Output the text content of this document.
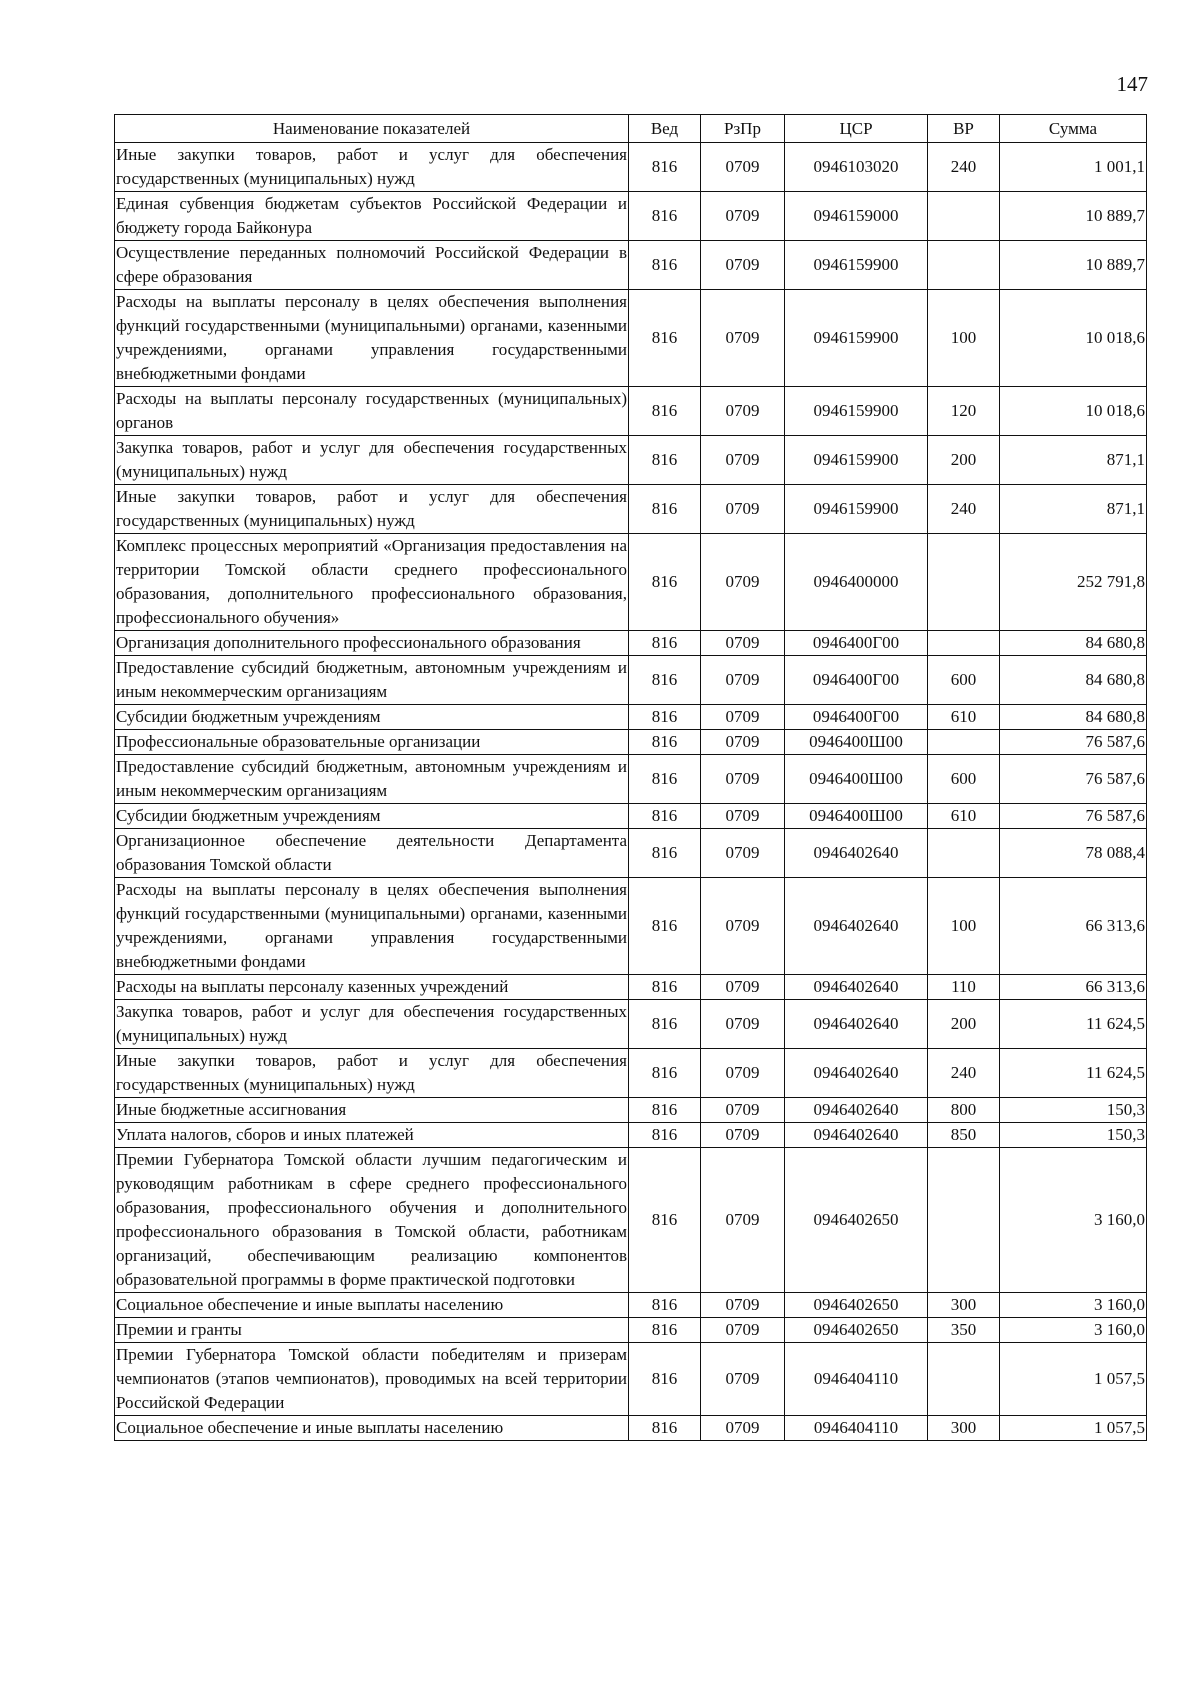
147
Наименование показателей	Вед	РзПр	ЦСР	ВР	Сумма
Иные закупки товаров, работ и услуг для обеспечения государственных (муниципальных) нужд	816	0709	0946103020	240	1 001,1
Единая субвенция бюджетам субъектов Российской Федерации и бюджету города Байконура	816	0709	0946159000		10 889,7
Осуществление переданных полномочий Российской Федерации в сфере образования	816	0709	0946159900		10 889,7
Расходы на выплаты персоналу в целях обеспечения выполнения функций государственными (муниципальными) органами, казенными учреждениями, органами управления государственными внебюджетными фондами	816	0709	0946159900	100	10 018,6
Расходы на выплаты персоналу государственных (муниципальных) органов	816	0709	0946159900	120	10 018,6
Закупка товаров, работ и услуг для обеспечения государственных (муниципальных) нужд	816	0709	0946159900	200	871,1
Иные закупки товаров, работ и услуг для обеспечения государственных (муниципальных) нужд	816	0709	0946159900	240	871,1
Комплекс процессных мероприятий «Организация предоставления на территории Томской области среднего профессионального образования, дополнительного профессионального образования, профессионального обучения»	816	0709	0946400000		252 791,8
Организация дополнительного профессионального образования	816	0709	0946400Г00		84 680,8
Предоставление субсидий бюджетным, автономным учреждениям и иным некоммерческим организациям	816	0709	0946400Г00	600	84 680,8
Субсидии бюджетным учреждениям	816	0709	0946400Г00	610	84 680,8
Профессиональные образовательные организации	816	0709	0946400Ш00		76 587,6
Предоставление субсидий бюджетным, автономным учреждениям и иным некоммерческим организациям	816	0709	0946400Ш00	600	76 587,6
Субсидии бюджетным учреждениям	816	0709	0946400Ш00	610	76 587,6
Организационное обеспечение деятельности Департамента образования Томской области	816	0709	0946402640		78 088,4
Расходы на выплаты персоналу в целях обеспечения выполнения функций государственными (муниципальными) органами, казенными учреждениями, органами управления государственными внебюджетными фондами	816	0709	0946402640	100	66 313,6
Расходы на выплаты персоналу казенных учреждений	816	0709	0946402640	110	66 313,6
Закупка товаров, работ и услуг для обеспечения государственных (муниципальных) нужд	816	0709	0946402640	200	11 624,5
Иные закупки товаров, работ и услуг для обеспечения государственных (муниципальных) нужд	816	0709	0946402640	240	11 624,5
Иные бюджетные ассигнования	816	0709	0946402640	800	150,3
Уплата налогов, сборов и иных платежей	816	0709	0946402640	850	150,3
Премии Губернатора Томской области лучшим педагогическим и руководящим работникам в сфере среднего профессионального образования, профессионального обучения и дополнительного профессионального образования в Томской области, работникам организаций, обеспечивающим реализацию компонентов образовательной программы в форме практической подготовки	816	0709	0946402650		3 160,0
Социальное обеспечение и иные выплаты населению	816	0709	0946402650	300	3 160,0
Премии и гранты	816	0709	0946402650	350	3 160,0
Премии Губернатора Томской области победителям и призерам чемпионатов (этапов чемпионатов), проводимых на всей территории Российской Федерации	816	0709	0946404110		1 057,5
Социальное обеспечение и иные выплаты населению	816	0709	0946404110	300	1 057,5
